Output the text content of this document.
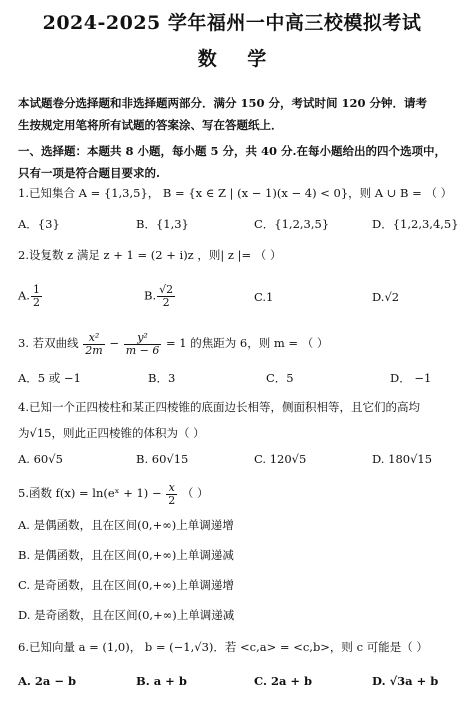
2024-2025 学年福州一中高三校模拟考试
数 学
本试题卷分选择题和非选择题两部分．满分 150 分，考试时间 120 分钟．请考
生按规定用笔将所有试题的答案涂、写在答题纸上．
一、选择题：本题共 8 小题，每小题 5 分，共 40 分.在每小题给出的四个选项中，
只有一项是符合题目要求的.
1.已知集合 A = {1,3,5}， B = {x ∈ Z | (x − 1)(x − 4) < 0}，则 A ∪ B = （ ）
A．{3}	B．{1,3}	C．{1,2,3,5}	D．{1,2,3,4,5}
2.设复数 z 满足 z + 1 = (2 + i)z ，则| z |= （ ）
A. $\frac{1}{2}$	B. $\frac{√2}{2}$	C.1	D.√2
3. 若双曲线 $\frac{\text{x²}}{2m} - \frac{\text{y²}}{m - 6} = 1$ 的焦距为 6，则 m = （ ）
A．5 或 −1	B．3	C．5	D． −1
4.已知一个正四棱柱和某正四棱锥的底面边长相等，侧面积相等，且它们的高均
为√15，则此正四棱锥的体积为（ ）
A. 60√5	B. 60√15	C. 120√5	D. 180√15
5.函数 f(x) = ln(eˣ + $1) - \frac{x}{2}$ （ ）
A. 是偶函数，且在区间(0,+∞)上单调递增
B. 是偶函数，且在区间(0,+∞)上单调递减
C. 是奇函数，且在区间(0,+∞)上单调递增
D. 是奇函数，且在区间(0,+∞)上单调递减
6.已知向量 a = (1,0)， b = (−1,√3)．若 <c,a> = <c,b>，则 c 可能是（ ）
A. 2a − b	B. a + b	C. 2a + b	D. √3a + b
